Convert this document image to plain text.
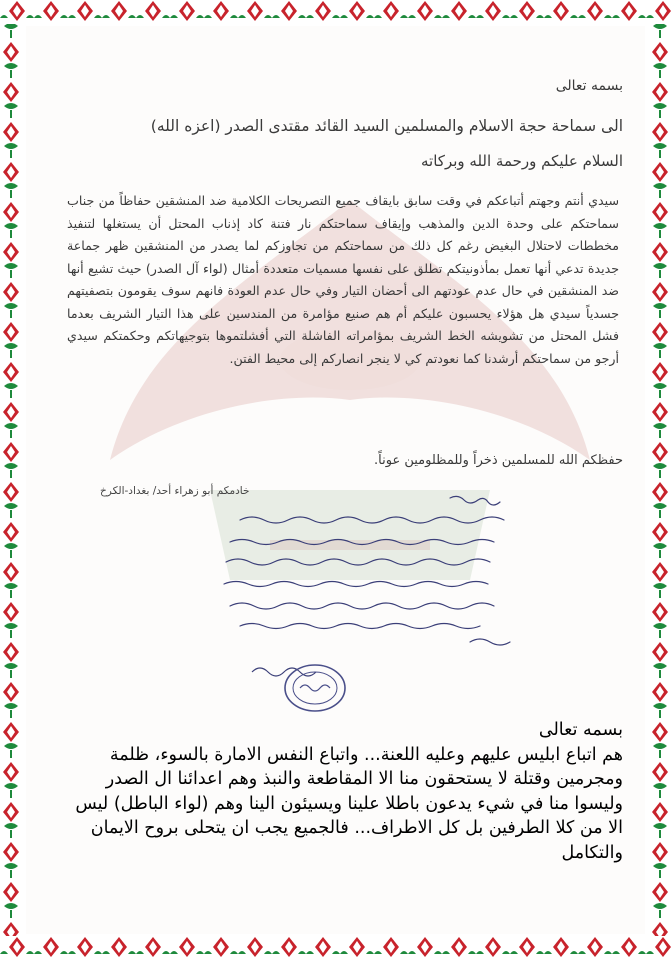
بسمه تعالى
الى سماحة حجة الاسلام والمسلمين السيد القائد مقتدى الصدر (اعزه الله)
السلام عليكم ورحمة الله وبركاته
سيدي أنتم وجهتم أتباعكم في وقت سابق بايقاف جميع التصريحات الكلامية ضد المنشقين حفاظاً من جناب سماحتكم على وحدة الدين والمذهب وإيقاف سماحتكم نار فتنة كاد إذناب المحتل أن يستغلها لتنفيذ مخططات لاحتلال البغيض رغم كل ذلك من سماحتكم من تجاوزكم لما يصدر من المنشقين ظهر جماعة جديدة تدعي أنها تعمل بمأذونيتكم تطلق على نفسها مسميات متعددة أمثال (لواء آل الصدر) حيث تشيع أنها ضد المنشقين في حال عدم عودتهم الى أحضان التيار وفي حال عدم العودة فانهم سوف يقومون بتصفيتهم جسدياً سيدي هل هؤلاء يحسبون عليكم أم هم صنيع مؤامرة من المندسين على هذا التيار الشريف بعدما فشل المحتل من تشويشه الخط الشريف بمؤامراته الفاشلة التي أفشلتموها بتوجيهاتكم وحكمتكم سيدي أرجو من سماحتكم أرشدنا كما نعودتم كي لا ينجر انصاركم إلى محيط الفتن.
حفظكم الله للمسلمين ذخراً وللمظلومين عوناً.
خادمكم أبو زهراء أحد/ بغداد-الكرخ
بسمه تعالى
هم اتباع ابليس عليهم وعليه اللعنة... واتباع النفس الامارة بالسوء، ظلمة ومجرمين وقتلة لا يستحقون منا الا المقاطعة والنبذ وهم اعدائنا ال الصدر وليسوا منا في شيء يدعون باطلا علينا ويسيئون الينا وهم (لواء الباطل) ليس الا من كلا الطرفين بل كل الاطراف... فالجميع يجب ان يتحلى بروح الايمان والتكامل
